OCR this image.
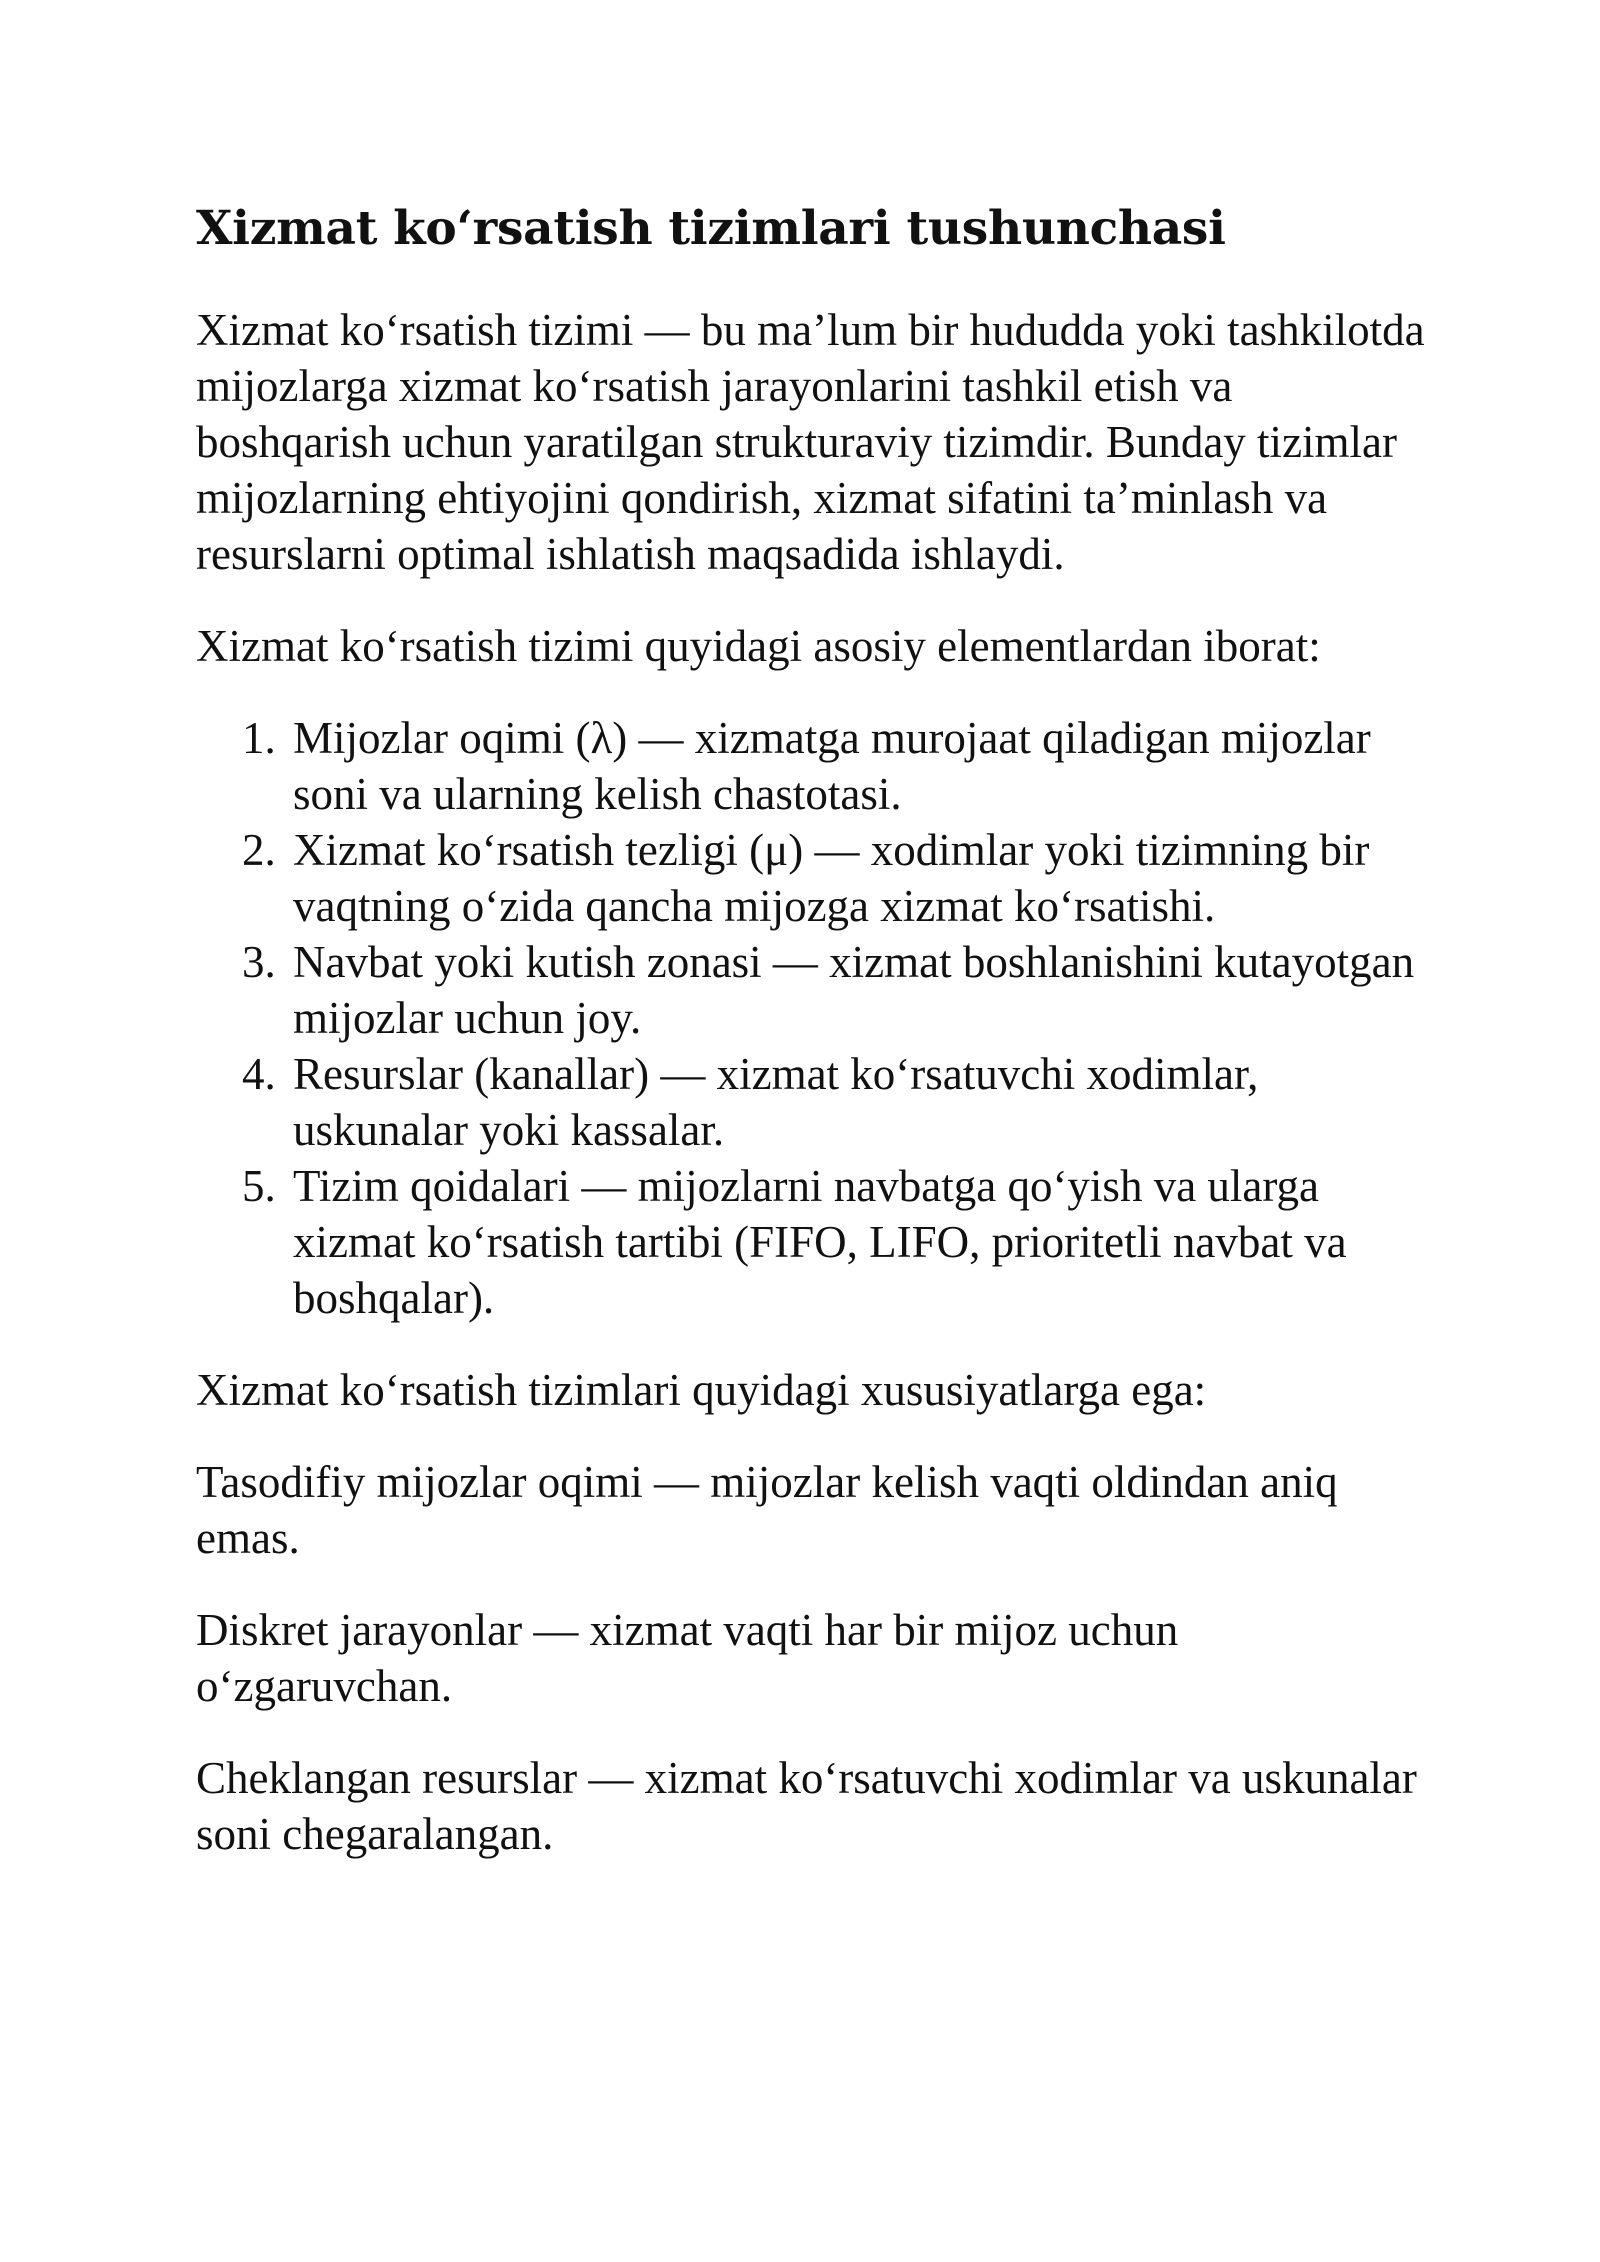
Xizmat koʻrsatish tizimlari tushunchasi

Xizmat koʻrsatish tizimi — bu maʼlum bir hududda yoki tashkilotda mijozlarga xizmat koʻrsatish jarayonlarini tashkil etish va boshqarish uchun yaratilgan strukturaviy tizimdir. Bunday tizimlar mijozlarning ehtiyojini qondirish, xizmat sifatini taʼminlash va resurslarni optimal ishlatish maqsadida ishlaydi.

Xizmat koʻrsatish tizimi quyidagi asosiy elementlardan iborat:

1. Mijozlar oqimi (λ) — xizmatga murojaat qiladigan mijozlar soni va ularning kelish chastotasi.
2. Xizmat koʻrsatish tezligi (μ) — xodimlar yoki tizimning bir vaqtning oʻzida qancha mijozga xizmat koʻrsatishi.
3. Navbat yoki kutish zonasi — xizmat boshlanishini kutayotgan mijozlar uchun joy.
4. Resurslar (kanallar) — xizmat koʻrsatuvchi xodimlar, uskunalar yoki kassalar.
5. Tizim qoidalari — mijozlarni navbatga qoʻyish va ularga xizmat koʻrsatish tartibi (FIFO, LIFO, prioritetli navbat va boshqalar).

Xizmat koʻrsatish tizimlari quyidagi xususiyatlarga ega:

Tasodifiy mijozlar oqimi — mijozlar kelish vaqti oldindan aniq emas.

Diskret jarayonlar — xizmat vaqti har bir mijoz uchun oʻzgaruvchan.

Cheklangan resurslar — xizmat koʻrsatuvchi xodimlar va uskunalar soni chegaralangan.
